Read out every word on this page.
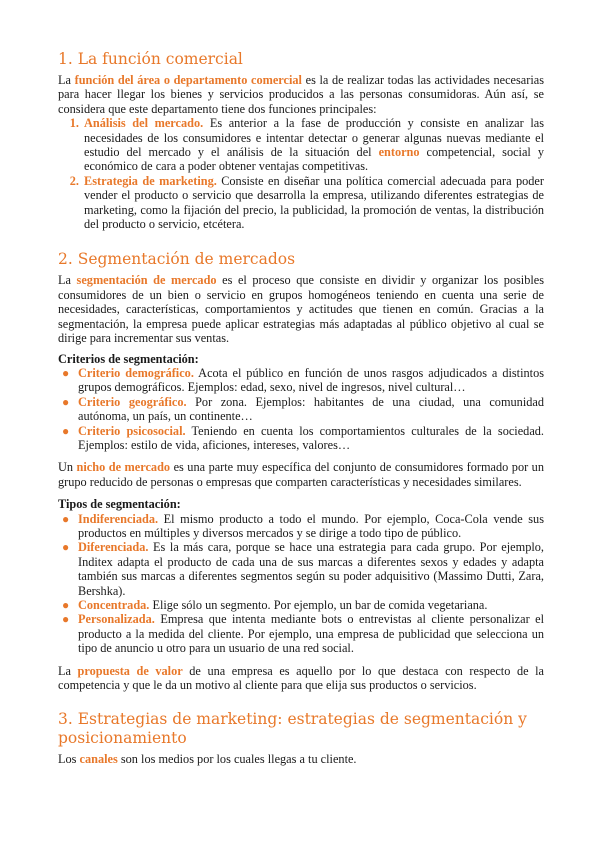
1. La función comercial

La función del área o departamento comercial es la de realizar todas las actividades necesarias para hacer llegar los bienes y servicios producidos a las personas consumidoras. Aún así, se considera que este departamento tiene dos funciones principales:

1. Análisis del mercado. Es anterior a la fase de producción y consiste en analizar las necesidades de los consumidores e intentar detectar o generar algunas nuevas mediante el estudio del mercado y el análisis de la situación del entorno competencial, social y económico de cara a poder obtener ventajas competitivas.
2. Estrategia de marketing. Consiste en diseñar una política comercial adecuada para poder vender el producto o servicio que desarrolla la empresa, utilizando diferentes estrategias de marketing, como la fijación del precio, la publicidad, la promoción de ventas, la distribución del producto o servicio, etcétera.
2. Segmentación de mercados

La segmentación de mercado es el proceso que consiste en dividir y organizar los posibles consumidores de un bien o servicio en grupos homogéneos teniendo en cuenta una serie de necesidades, características, comportamientos y actitudes que tienen en común. Gracias a la segmentación, la empresa puede aplicar estrategias más adaptadas al público objetivo al cual se dirige para incrementar sus ventas.

Criterios de segmentación:

● Criterio demográfico. Acota el público en función de unos rasgos adjudicados a distintos grupos demográficos. Ejemplos: edad, sexo, nivel de ingresos, nivel cultural…
● Criterio geográfico. Por zona. Ejemplos: habitantes de una ciudad, una comunidad autónoma, un país, un continente…
● Criterio psicosocial. Teniendo en cuenta los comportamientos culturales de la sociedad. Ejemplos: estilo de vida, aficiones, intereses, valores…

Un nicho de mercado es una parte muy específica del conjunto de consumidores formado por un grupo reducido de personas o empresas que comparten características y necesidades similares.

Tipos de segmentación:

● Indiferenciada. El mismo producto a todo el mundo. Por ejemplo, Coca-Cola vende sus productos en múltiples y diversos mercados y se dirige a todo tipo de público.
● Diferenciada. Es la más cara, porque se hace una estrategia para cada grupo. Por ejemplo, Inditex adapta el producto de cada una de sus marcas a diferentes sexos y edades y adapta también sus marcas a diferentes segmentos según su poder adquisitivo (Massimo Dutti, Zara, Bershka).
● Concentrada. Elige sólo un segmento. Por ejemplo, un bar de comida vegetariana.
● Personalizada. Empresa que intenta mediante bots o entrevistas al cliente personalizar el producto a la medida del cliente. Por ejemplo, una empresa de publicidad que selecciona un tipo de anuncio u otro para un usuario de una red social.

La propuesta de valor de una empresa es aquello por lo que destaca con respecto de la competencia y que le da un motivo al cliente para que elija sus productos o servicios.

3. Estrategias de marketing: estrategias de segmentación y posicionamiento

Los canales son los medios por los cuales llegas a tu cliente.
